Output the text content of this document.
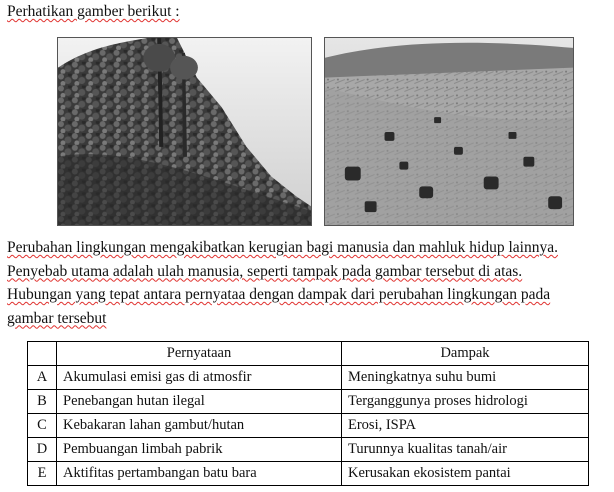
Perhatikan gamber berikut :

Perubahan lingkungan mengakibatkan kerugian bagi manusia dan mahluk hidup lainnya.
Penyebab utama adalah ulah manusia, seperti tampak pada gambar tersebut di atas.
Hubungan yang tepat antara pernyataa dengan dampak dari perubahan lingkungan pada
gambar tersebut

	Pernyataan	Dampak
A	Akumulasi emisi gas di atmosfir	Meningkatnya suhu bumi
B	Penebangan hutan ilegal	Terganggunya proses hidrologi
C	Kebakaran lahan gambut/hutan	Erosi, ISPA
D	Pembuangan limbah pabrik	Turunnya kualitas tanah/air
E	Aktifitas pertambangan batu bara	Kerusakan ekosistem pantai
